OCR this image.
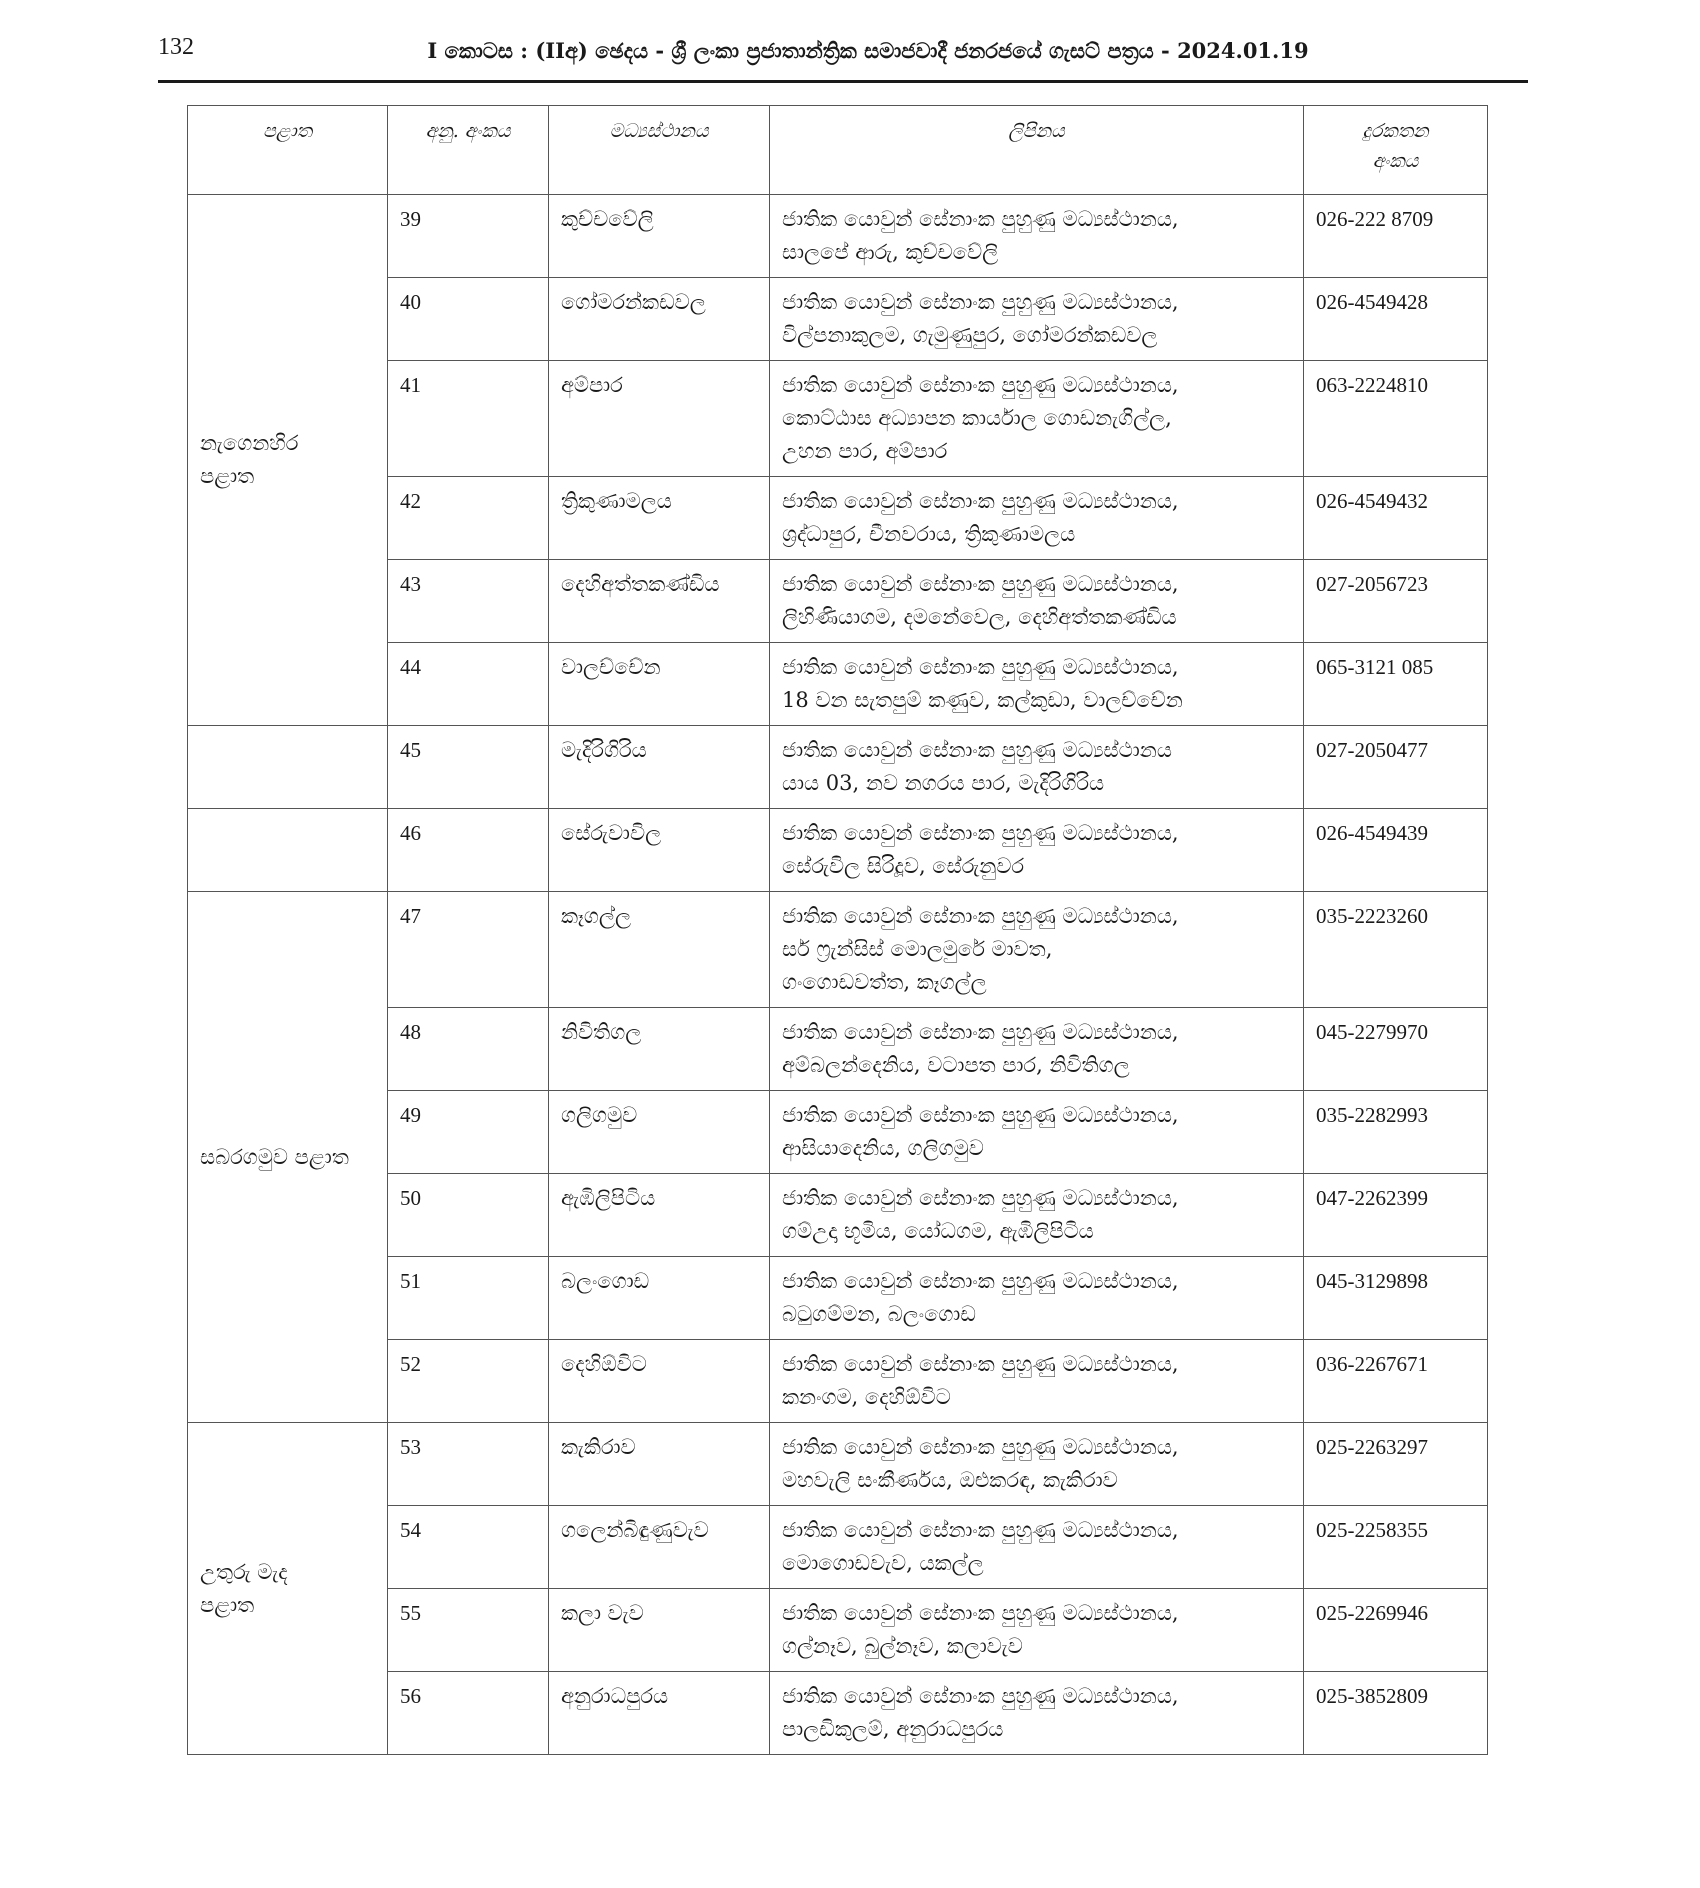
132	I කොටස : (IIඅ) ඡෙදය - ශ්‍රී ලංකා ප්‍රජාතාන්ත්‍රික සමාජවාදී ජනරජයේ ගැසට් පත්‍රය - 2024.01.19
පළාත	අනු. අංකය	මධ්‍යස්ථානය	ලිපිනය	දුරකතන
අංකය

නැගෙනහිර
පළාත	39	කුච්චවේලි	ජාතික යොවුන් සේනාංක පුහුණු මධ්‍යස්ථානය,
සාලපේ ආරු, කුච්චවේලි	026-222 8709
	40	ගෝමරන්කඩවල	ජාතික යොවුන් සේනාංක පුහුණු මධ්‍යස්ථානය,
විල්පනාකුලම, ගැමුණුපුර, ගෝමරන්කඩවල	026-4549428
	41	අම්පාර	ජාතික යොවුන් සේනාංක පුහුණු මධ්‍යස්ථානය,
කොට්ඨාස අධ්‍යාපන කාර්යාල ගොඩනැගිල්ල,
උහන පාර, අම්පාර	063-2224810
	42	ත්‍රිකුණාමලය	ජාතික යොවුන් සේනාංක පුහුණු මධ්‍යස්ථානය,
ශ්‍රද්ධාපුර, චීනවරාය, ත්‍රිකුණාමලය	026-4549432
	43	දෙහිඅත්තකණ්ඩිය	ජාතික යොවුන් සේනාංක පුහුණු මධ්‍යස්ථානය,
ලිහිණියාගම, දමනේවෙල, දෙහිඅත්තකණ්ඩිය	027-2056723
	44	වාලච්චේන	ජාතික යොවුන් සේනාංක පුහුණු මධ්‍යස්ථානය,
18 වන සැතපුම් කණුව, කල්කුඩා, වාලච්චේන	065-3121 085
	45	මැදිරිගිරිය	ජාතික යොවුන් සේනාංක පුහුණු මධ්‍යස්ථානය
යාය 03, නව නගරය පාර, මැදිරිගිරිය	027-2050477
	46	සේරුවාවිල	ජාතික යොවුන් සේනාංක පුහුණු මධ්‍යස්ථානය,
සේරුවිල සිරිදූව, සේරුනුවර	026-4549439

සබරගමුව පළාත	47	කෑගල්ල	ජාතික යොවුන් සේනාංක පුහුණු මධ්‍යස්ථානය,
සර් ෆ්‍රැන්සිස් මොලමුරේ මාවත,
ගංගොඩවත්ත, කෑගල්ල	035-2223260
	48	නිවිතිගල	ජාතික යොවුන් සේනාංක පුහුණු මධ්‍යස්ථානය,
අම්බලන්දෙනිය, වටාපත පාර, නිවිතිගල	045-2279970
	49	ගලිගමුව	ජාතික යොවුන් සේනාංක පුහුණු මධ්‍යස්ථානය,
ආසියාදෙනිය, ගලිගමුව	035-2282993
	50	ඇඹිලිපිටිය	ජාතික යොවුන් සේනාංක පුහුණු මධ්‍යස්ථානය,
ගම්උදා භූමිය, යෝධගම, ඇඹිලිපිටිය	047-2262399
	51	බලංගොඩ	ජාතික යොවුන් සේනාංක පුහුණු මධ්‍යස්ථානය,
බටුගම්මන, බලංගොඩ	045-3129898
	52	දෙහිඕවිට	ජාතික යොවුන් සේනාංක පුහුණු මධ්‍යස්ථානය,
කනංගම, දෙහිඕවිට	036-2267671

උතුරු මැද
පළාත	53	කැකිරාව	ජාතික යොවුන් සේනාංක පුහුණු මධ්‍යස්ථානය,
මහවැලි සංකීර්ණය, ඔළුකරඳ, කැකිරාව	025-2263297
	54	ගලෙන්බිඳුණුවැව	ජාතික යොවුන් සේනාංක පුහුණු මධ්‍යස්ථානය,
මොගොඩවැව, යකල්ල	025-2258355
	55	කලා වැව	ජාතික යොවුන් සේනාංක පුහුණු මධ්‍යස්ථානය,
ගල්නෑව, බුල්නෑව, කලාවැව	025-2269946
	56	අනුරාධපුරය	ජාතික යොවුන් සේනාංක පුහුණු මධ්‍යස්ථානය,
පාලඩිකුලම්, අනුරාධපුරය	025-3852809
